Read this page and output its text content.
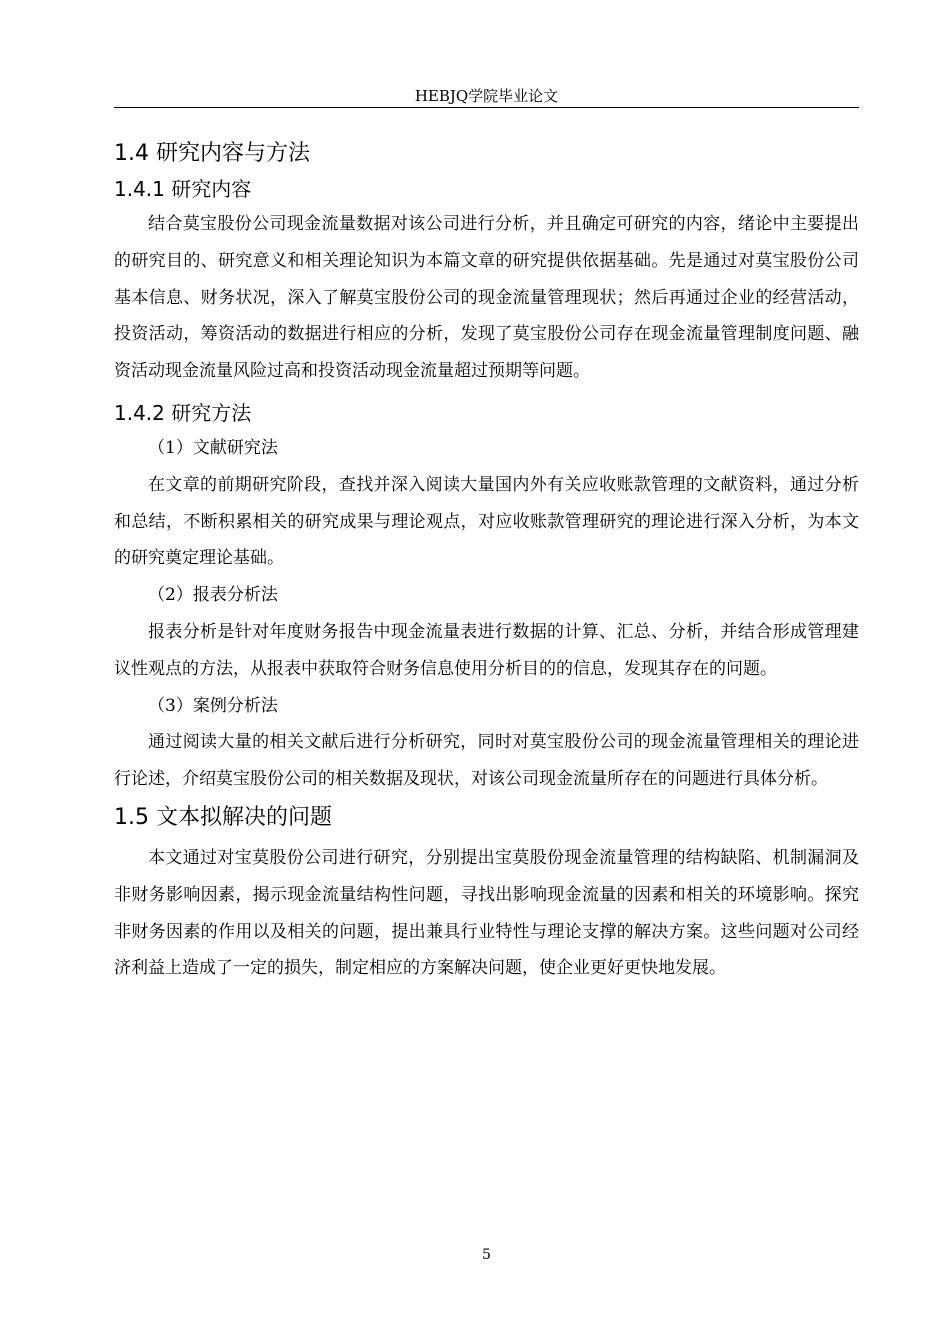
HEBJQ学院毕业论文
1.4 研究内容与方法
1.4.1 研究内容

结合莫宝股份公司现金流量数据对该公司进行分析，并且确定可研究的内容，绪论中主要提出的研究目的、研究意义和相关理论知识为本篇文章的研究提供依据基础。先是通过对莫宝股份公司基本信息、财务状况，深入了解莫宝股份公司的现金流量管理现状；然后再通过企业的经营活动，投资活动，筹资活动的数据进行相应的分析，发现了莫宝股份公司存在现金流量管理制度问题、融资活动现金流量风险过高和投资活动现金流量超过预期等问题。

1.4.2 研究方法

（1）文献研究法

在文章的前期研究阶段，查找并深入阅读大量国内外有关应收账款管理的文献资料，通过分析和总结，不断积累相关的研究成果与理论观点，对应收账款管理研究的理论进行深入分析，为本文的研究奠定理论基础。

（2）报表分析法

报表分析是针对年度财务报告中现金流量表进行数据的计算、汇总、分析，并结合形成管理建议性观点的方法，从报表中获取符合财务信息使用分析目的的信息，发现其存在的问题。

（3）案例分析法

通过阅读大量的相关文献后进行分析研究，同时对莫宝股份公司的现金流量管理相关的理论进行论述，介绍莫宝股份公司的相关数据及现状，对该公司现金流量所存在的问题进行具体分析。

1.5 文本拟解决的问题

本文通过对宝莫股份公司进行研究，分别提出宝莫股份现金流量管理的结构缺陷、机制漏洞及非财务影响因素，揭示现金流量结构性问题，寻找出影响现金流量的因素和相关的环境影响。探究非财务因素的作用以及相关的问题，提出兼具行业特性与理论支撑的解决方案。这些问题对公司经济利益上造成了一定的损失，制定相应的方案解决问题，使企业更好更快地发展。

5
